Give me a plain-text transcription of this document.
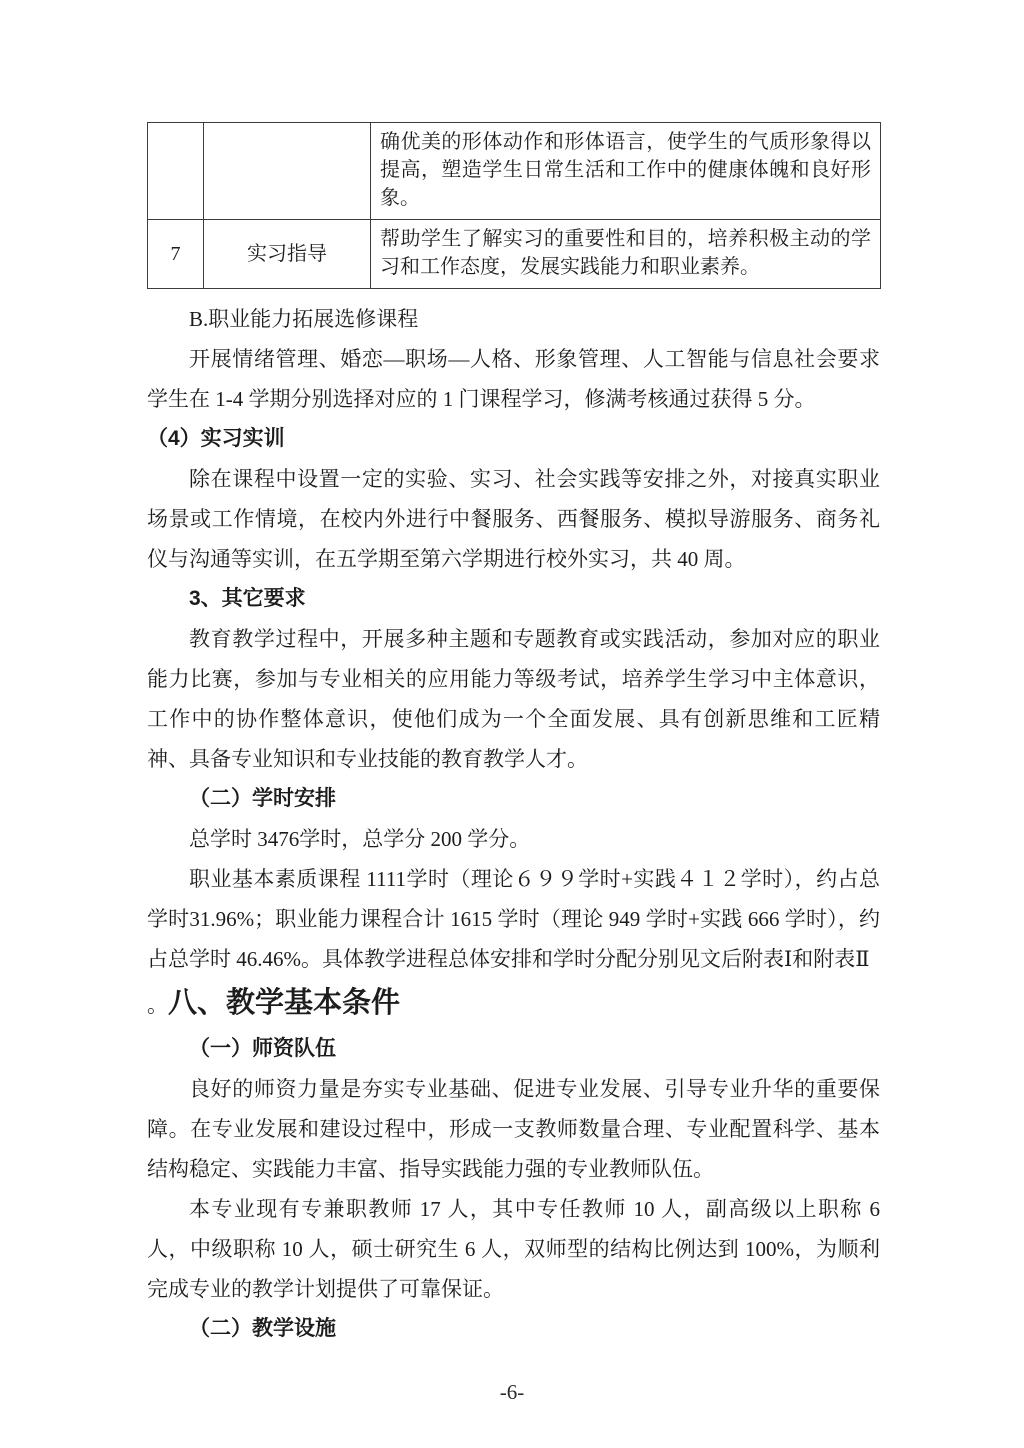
		确优美的形体动作和形体语言，使学生的气质形象得以提高，塑造学生日常生活和工作中的健康体魄和良好形象。
7	实习指导	帮助学生了解实习的重要性和目的，培养积极主动的学习和工作态度，发展实践能力和职业素养。
B.职业能力拓展选修课程
开展情绪管理、婚恋—职场—人格、形象管理、人工智能与信息社会要求学生在 1-4 学期分别选择对应的 1 门课程学习，修满考核通过获得 5 分。
（4）实习实训
除在课程中设置一定的实验、实习、社会实践等安排之外，对接真实职业场景或工作情境，在校内外进行中餐服务、西餐服务、模拟导游服务、商务礼仪与沟通等实训，在五学期至第六学期进行校外实习，共 40 周。
3、其它要求
教育教学过程中，开展多种主题和专题教育或实践活动，参加对应的职业能力比赛，参加与专业相关的应用能力等级考试，培养学生学习中主体意识，工作中的协作整体意识，使他们成为一个全面发展、具有创新思维和工匠精神、具备专业知识和专业技能的教育教学人才。
（二）学时安排
总学时 3476学时，总学分 200 学分。
职业基本素质课程 1111学时（理论６９９学时+实践４１２学时），约占总学时31.96%；职业能力课程合计 1615 学时（理论 949 学时+实践 666 学时），约占总学时 46.46%。具体教学进程总体安排和学时分配分别见文后附表Ⅰ和附表Ⅱ
。八、教学基本条件
（一）师资队伍
良好的师资力量是夯实专业基础、促进专业发展、引导专业升华的重要保障。在专业发展和建设过程中，形成一支教师数量合理、专业配置科学、基本结构稳定、实践能力丰富、指导实践能力强的专业教师队伍。
本专业现有专兼职教师 17 人，其中专任教师 10 人，副高级以上职称 6 人，中级职称 10 人，硕士研究生 6 人，双师型的结构比例达到 100%，为顺利完成专业的教学计划提供了可靠保证。
（二）教学设施
-6-
